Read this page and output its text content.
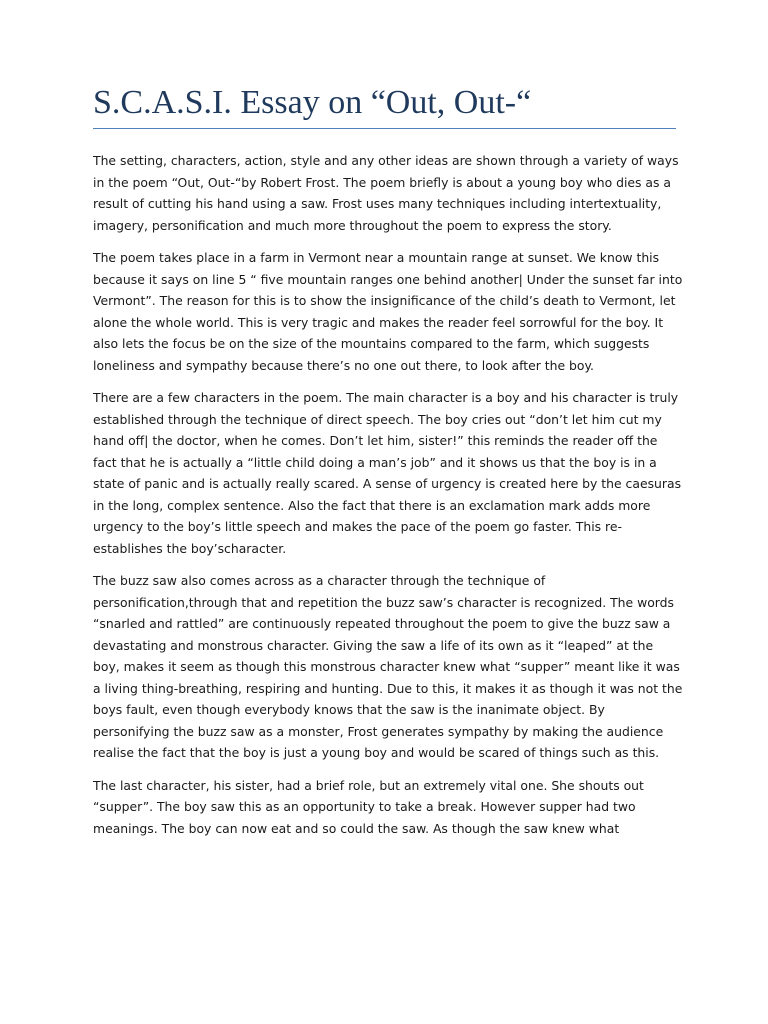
S.C.A.S.I. Essay on “Out, Out-“

The setting, characters, action, style and any other ideas are shown through a variety of ways in the poem “Out, Out-“by Robert Frost. The poem briefly is about a young boy who dies as a result of cutting his hand using a saw. Frost uses many techniques including intertextuality, imagery, personification and much more throughout the poem to express the story.

The poem takes place in a farm in Vermont near a mountain range at sunset. We know this because it says on line 5 “ five mountain ranges one behind another| Under the sunset far into Vermont”. The reason for this is to show the insignificance of the child’s death to Vermont, let alone the whole world. This is very tragic and makes the reader feel sorrowful for the boy. It also lets the focus be on the size of the mountains compared to the farm, which suggests loneliness and sympathy because there’s no one out there, to look after the boy.

There are a few characters in the poem. The main character is a boy and his character is truly established through the technique of direct speech. The boy cries out “don’t let him cut my hand off| the doctor, when he comes. Don’t let him, sister!” this reminds the reader off the fact that he is actually a “little child doing a man’s job” and it shows us that the boy is in a state of panic and is actually really scared. A sense of urgency is created here by the caesuras in the long, complex sentence. Also the fact that there is an exclamation mark adds more urgency to the boy’s little speech and makes the pace of the poem go faster. This re-establishes the boy’scharacter.

The buzz saw also comes across as a character through the technique of personification,through that and repetition the buzz saw’s character is recognized. The words “snarled and rattled” are continuously repeated throughout the poem to give the buzz saw a devastating and monstrous character. Giving the saw a life of its own as it “leaped” at the boy, makes it seem as though this monstrous character knew what “supper” meant like it was a living thing-breathing, respiring and hunting. Due to this, it makes it as though it was not the boys fault, even though everybody knows that the saw is the inanimate object. By personifying the buzz saw as a monster, Frost generates sympathy by making the audience realise the fact that the boy is just a young boy and would be scared of things such as this.

The last character, his sister, had a brief role, but an extremely vital one. She shouts out “supper”. The boy saw this as an opportunity to take a break. However supper had two meanings. The boy can now eat and so could the saw. As though the saw knew what
